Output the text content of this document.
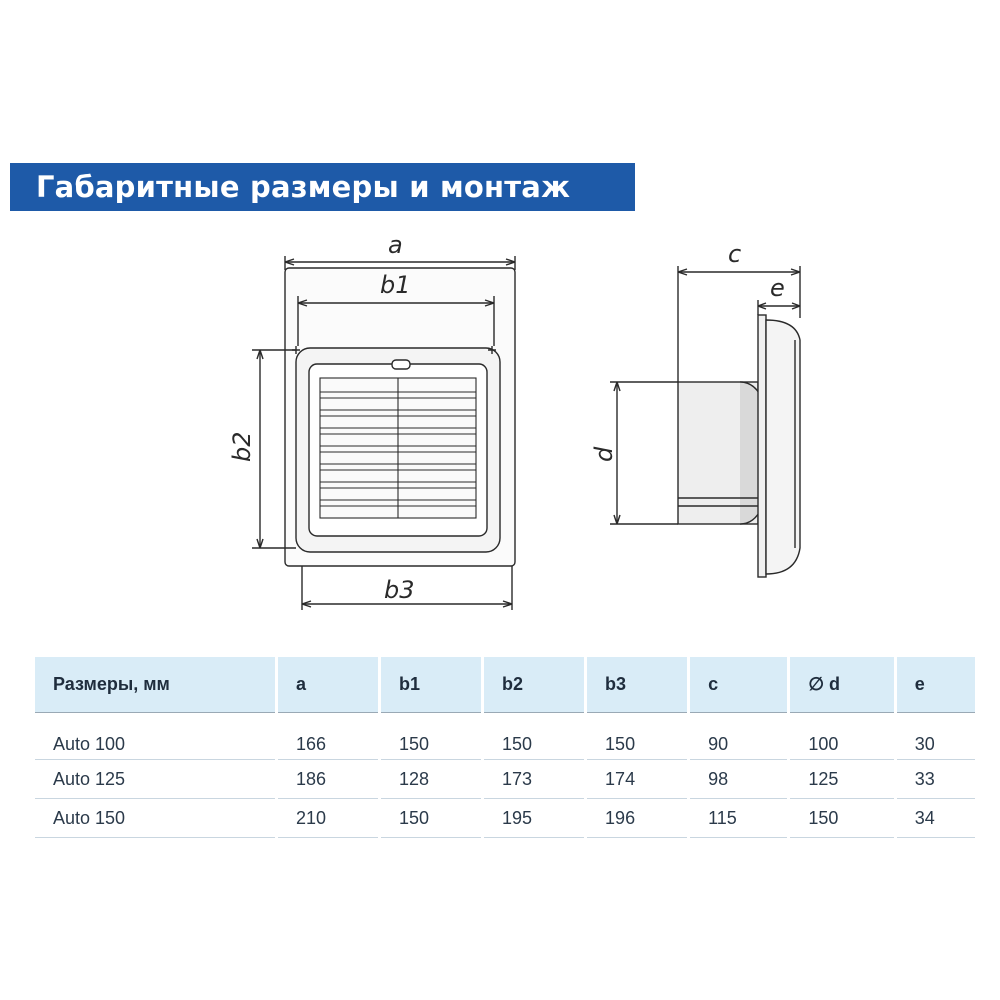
Габаритные размеры и монтаж
a
b1
b3
c
e
b2	d
Размеры, мм	a	b1	b2	b3	c	∅ d	e
Auto 100	166	150	150	150	90	100	30
Auto 125	186	128	173	174	98	125	33
Auto 150	210	150	195	196	115	150	34
